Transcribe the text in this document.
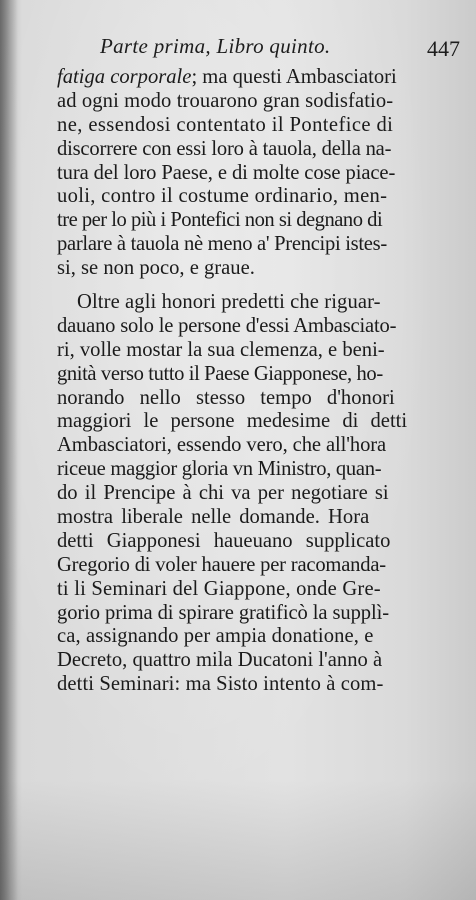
Parte prima, Libro quinto.	447
fatiga corporale; ma questi Ambasciatori
ad ogni modo trouarono gran sodisfatio-
ne, essendosi contentato il Pontefice di
discorrere con essi loro à tauola, della na-
tura del loro Paese, e di molte cose piace-
uoli, contro il costume ordinario, men-
tre per lo più i Pontefici non si degnano di
parlare à tauola nè meno a' Prencipi istes-
si, se non poco, e graue.
Oltre agli honori predetti che riguar-
dauano solo le persone d'essi Ambasciato-
ri, volle mostar la sua clemenza, e beni-
gnità verso tutto il Paese Giapponese, ho-
norando nello stesso tempo d'honori
maggiori le persone medesime di detti
Ambasciatori, essendo vero, che all'hora
riceue maggior gloria vn Ministro, quan-
do il Prencipe à chi va per negotiare si
mostra liberale nelle domande. Hora
detti Giapponesi haueuano supplicato
Gregorio di voler hauere per racomanda-
ti li Seminari del Giappone, onde Gre-
gorio prima di spirare gratificò la supplì-
ca, assignando per ampia donatione, e
Decreto, quattro mila Ducatoni l'anno à
detti Seminari: ma Sisto intento à com-
